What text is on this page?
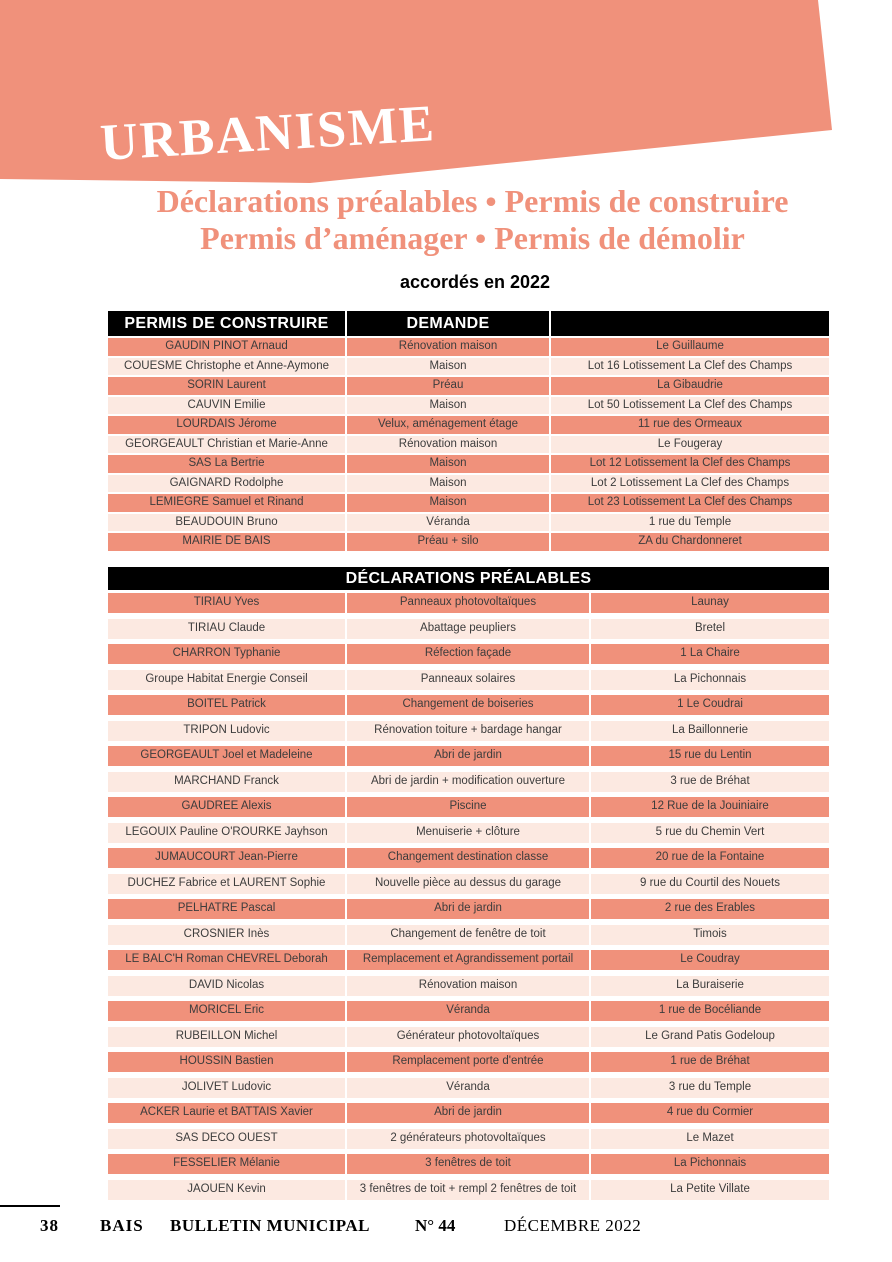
URBANISME
Déclarations préalables • Permis de construire
Permis d’aménager • Permis de démolir
accordés en 2022
PERMIS DE CONSTRUIRE	DEMANDE
GAUDIN PINOT Arnaud	Rénovation maison	Le Guillaume
COUESME Christophe et Anne-Aymone	Maison	Lot 16 Lotissement La Clef des Champs
SORIN Laurent	Préau	La Gibaudrie
CAUVIN Emilie	Maison	Lot 50 Lotissement La Clef des Champs
LOURDAIS Jérome	Velux, aménagement étage	11 rue des Ormeaux
GEORGEAULT Christian et Marie-Anne	Rénovation maison	Le Fougeray
SAS La Bertrie	Maison	Lot 12 Lotissement la Clef des Champs
GAIGNARD Rodolphe	Maison	Lot 2 Lotissement La Clef des Champs
LEMIEGRE Samuel et Rinand	Maison	Lot 23 Lotissement La Clef des Champs
BEAUDOUIN Bruno	Véranda	1 rue du Temple
MAIRIE DE BAIS	Préau + silo	ZA du Chardonneret
DÉCLARATIONS PRÉALABLES
TIRIAU Yves	Panneaux photovoltaïques	Launay
TIRIAU Claude	Abattage peupliers	Bretel
CHARRON Typhanie	Réfection façade	1 La Chaire
Groupe Habitat Energie Conseil	Panneaux solaires	La Pichonnais
BOITEL Patrick	Changement de boiseries	1 Le Coudrai
TRIPON Ludovic	Rénovation toiture + bardage hangar	La Baillonnerie
GEORGEAULT Joel et Madeleine	Abri de jardin	15 rue du Lentin
MARCHAND Franck	Abri de jardin + modification ouverture	3 rue de Bréhat
GAUDREE Alexis	Piscine	12 Rue de la Jouiniaire
LEGOUIX Pauline O'ROURKE Jayhson	Menuiserie + clôture	5 rue du Chemin Vert
JUMAUCOURT Jean-Pierre	Changement destination classe	20 rue de la Fontaine
DUCHEZ Fabrice et LAURENT Sophie	Nouvelle pièce au dessus du garage	9 rue du Courtil des Nouets
PELHATRE Pascal	Abri de jardin	2 rue des Erables
CROSNIER Inès	Changement de fenêtre de toit	Timois
LE BALC'H Roman CHEVREL Deborah	Remplacement et Agrandissement portail	Le Coudray
DAVID Nicolas	Rénovation maison	La Buraiserie
MORICEL Eric	Véranda	1 rue de Bocéliande
RUBEILLON Michel	Générateur photovoltaïques	Le Grand Patis Godeloup
HOUSSIN Bastien	Remplacement porte d'entrée	1 rue de Bréhat
JOLIVET Ludovic	Véranda	3 rue du Temple
ACKER Laurie et BATTAIS Xavier	Abri de jardin	4 rue du Cormier
SAS DECO OUEST	2 générateurs photovoltaïques	Le Mazet
FESSELIER Mélanie	3 fenêtres de toit	La Pichonnais
JAOUEN Kevin	3 fenêtres de toit + rempl 2 fenêtres de toit	La Petite Villate
38 BAIS BULLETIN MUNICIPAL	N° 44	DÉCEMBRE 2022
